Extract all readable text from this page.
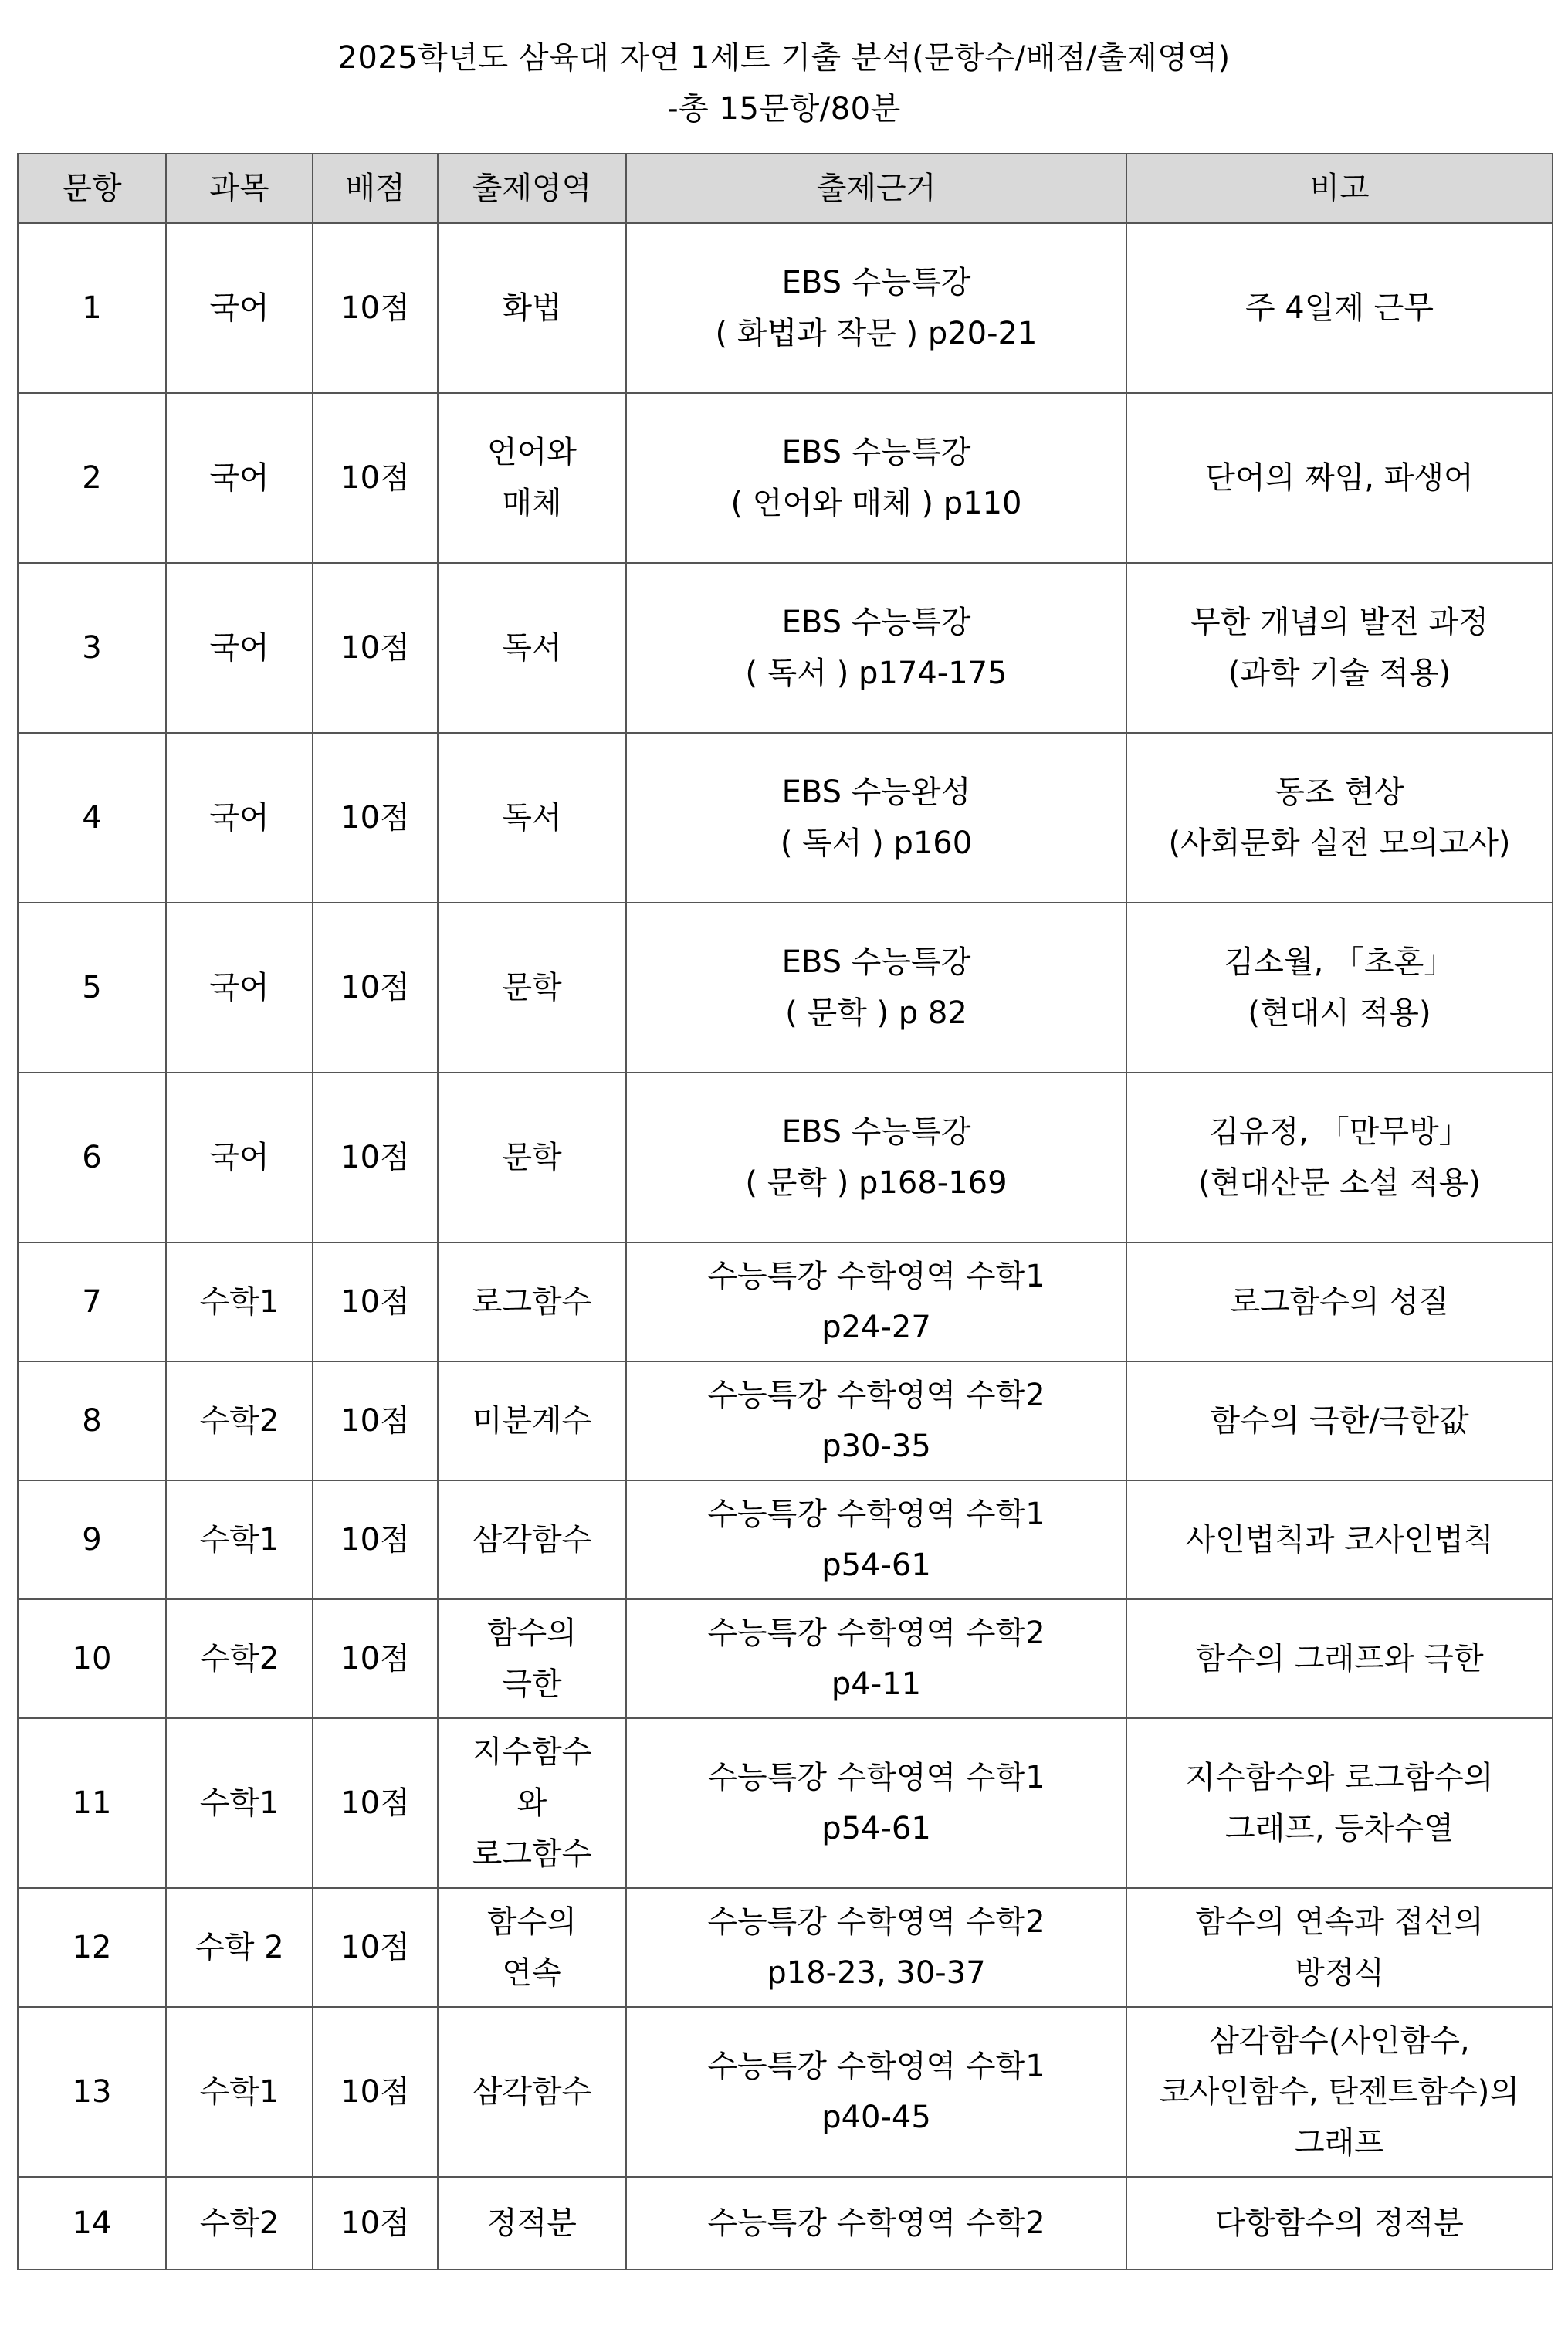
2025학년도 삼육대 자연 1세트 기출 분석(문항수/배점/출제영역)
-총 15문항/80분
문항	과목	배점	출제영역	출제근거	비고
1	국어	10점	화법	EBS 수능특강
( 화법과 작문 ) p20-21	주 4일제 근무

2	국어	10점	언어와
매체	EBS 수능특강
( 언어와 매체 ) p110	단어의 짜임, 파생어

3	국어	10점	독서	EBS 수능특강
( 독서 ) p174-175	무한 개념의 발전 과정
(과학 기술 적용)

4	국어	10점	독서	EBS 수능완성
( 독서 ) p160	동조 현상
(사회문화 실전 모의고사)

5	국어	10점	문학	EBS 수능특강
( 문학 ) p 82	김소월, 「초혼」
(현대시 적용)

6	국어	10점	문학	EBS 수능특강
( 문학 ) p168-169	김유정, 「만무방」
(현대산문 소설 적용)

7	수학1	10점	로그함수	수능특강 수학영역 수학1
p24-27	로그함수의 성질

8	수학2	10점	미분계수	수능특강 수학영역 수학2
p30-35	함수의 극한/극한값

9	수학1	10점	삼각함수	수능특강 수학영역 수학1
p54-61	사인법칙과 코사인법칙

10	수학2	10점	함수의
극한	수능특강 수학영역 수학2
p4-11	함수의 그래프와 극한

11	수학1	10점	지수함수
와
로그함수	수능특강 수학영역 수학1
p54-61	지수함수와 로그함수의
그래프, 등차수열

12	수학 2	10점	함수의
연속	수능특강 수학영역 수학2
p18-23, 30-37	함수의 연속과 접선의
방정식

13	수학1	10점	삼각함수	수능특강 수학영역 수학1
p40-45	삼각함수(사인함수,
코사인함수, 탄젠트함수)의
그래프

14	수학2	10점	정적분	수능특강 수학영역 수학2	다항함수의 정적분
